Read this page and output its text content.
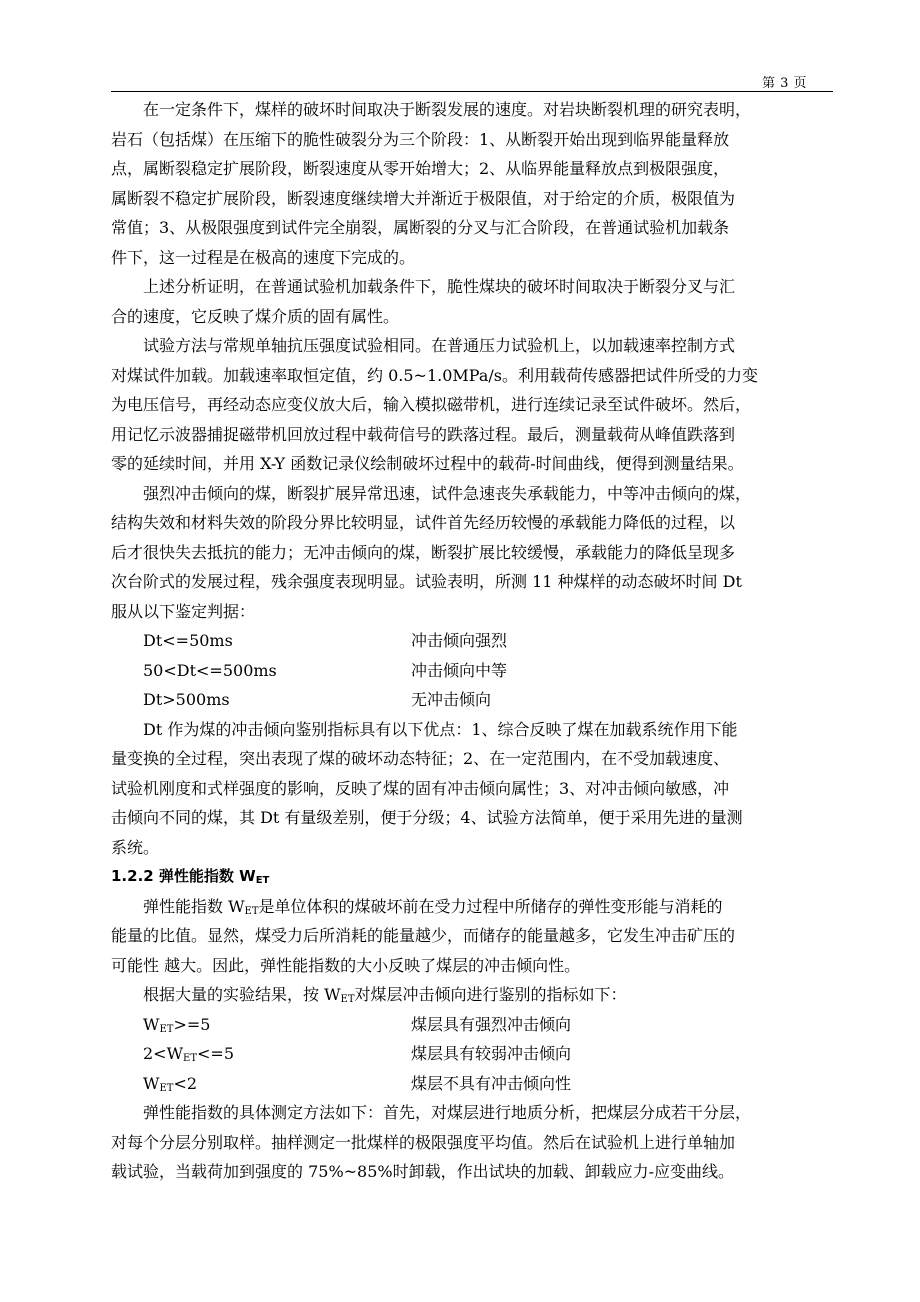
第 3 页

在一定条件下，煤样的破坏时间取决于断裂发展的速度。对岩块断裂机理的研究表明，
岩石（包括煤）在压缩下的脆性破裂分为三个阶段：1、从断裂开始出现到临界能量释放
点，属断裂稳定扩展阶段，断裂速度从零开始增大；2、从临界能量释放点到极限强度，
属断裂不稳定扩展阶段，断裂速度继续增大并渐近于极限值，对于给定的介质，极限值为
常值；3、从极限强度到试件完全崩裂，属断裂的分叉与汇合阶段，在普通试验机加载条
件下，这一过程是在极高的速度下完成的。

上述分析证明，在普通试验机加载条件下，脆性煤块的破坏时间取决于断裂分叉与汇
合的速度，它反映了煤介质的固有属性。

试验方法与常规单轴抗压强度试验相同。在普通压力试验机上，以加载速率控制方式
对煤试件加载。加载速率取恒定值，约 0.5~1.0MPa/s。利用载荷传感器把试件所受的力变
为电压信号，再经动态应变仪放大后，输入模拟磁带机，进行连续记录至试件破坏。然后，
用记忆示波器捕捉磁带机回放过程中载荷信号的跌落过程。最后，测量载荷从峰值跌落到
零的延续时间，并用 X-Y 函数记录仪绘制破坏过程中的载荷-时间曲线，便得到测量结果。

强烈冲击倾向的煤，断裂扩展异常迅速，试件急速丧失承载能力，中等冲击倾向的煤，
结构失效和材料失效的阶段分界比较明显，试件首先经历较慢的承载能力降低的过程，以
后才很快失去抵抗的能力；无冲击倾向的煤，断裂扩展比较缓慢，承载能力的降低呈现多
次台阶式的发展过程，残余强度表现明显。试验表明，所测 11 种煤样的动态破坏时间 Dt
服从以下鉴定判据：

Dt<=50ms	冲击倾向强烈
50<Dt<=500ms	冲击倾向中等
Dt>500ms	无冲击倾向

Dt 作为煤的冲击倾向鉴别指标具有以下优点：1、综合反映了煤在加载系统作用下能
量变换的全过程，突出表现了煤的破坏动态特征；2、在一定范围内，在不受加载速度、
试验机刚度和式样强度的影响，反映了煤的固有冲击倾向属性；3、对冲击倾向敏感，冲
击倾向不同的煤，其 Dt 有量级差别，便于分级；4、试验方法简单，便于采用先进的量测
系统。

1.2.2 弹性能指数 $W_{ET}$

弹性能指数 $W_{ET}$是单位体积的煤破坏前在受力过程中所储存的弹性变形能与消耗的
能量的比值。显然，煤受力后所消耗的能量越少，而储存的能量越多，它发生冲击矿压的
可能性 越大。因此，弹性能指数的大小反映了煤层的冲击倾向性。

根据大量的实验结果，按 $W_{ET}$对煤层冲击倾向进行鉴别的指标如下：

$W_{ET}>=5$	煤层具有强烈冲击倾向
$2<W_{ET}<=5$	煤层具有较弱冲击倾向
$W_{ET}<2$	煤层不具有冲击倾向性

弹性能指数的具体测定方法如下：首先，对煤层进行地质分析，把煤层分成若干分层，
对每个分层分别取样。抽样测定一批煤样的极限强度平均值。然后在试验机上进行单轴加
载试验，当载荷加到强度的 75%~85%时卸载，作出试块的加载、卸载应力-应变曲线。
